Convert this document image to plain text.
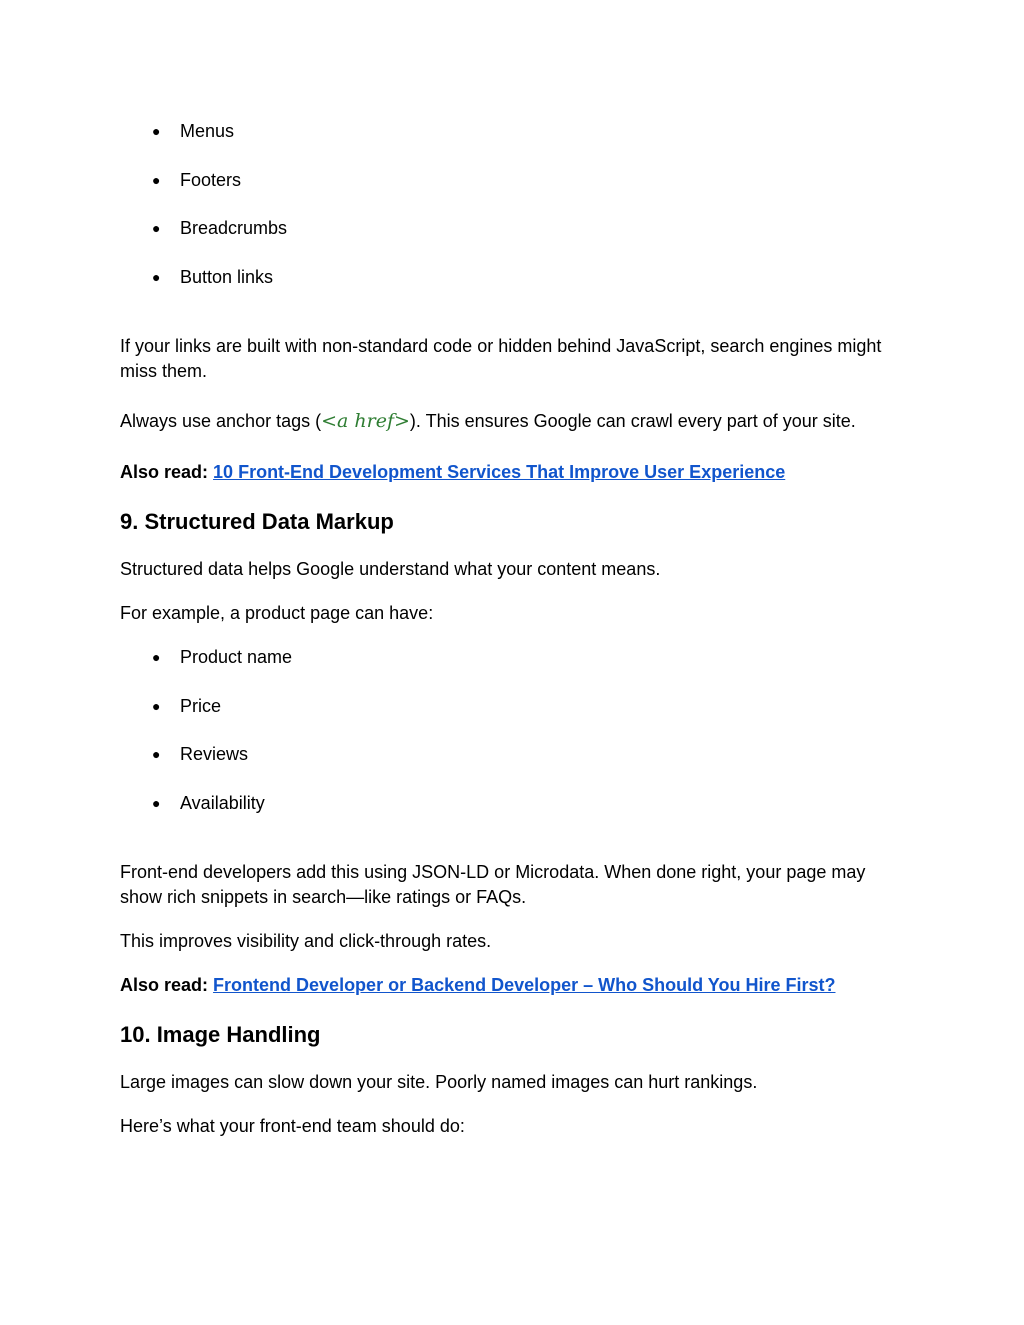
● Menus
● Footers
● Breadcrumbs
● Button links
If your links are built with non-standard code or hidden behind JavaScript, search engines might
miss them.
Always use anchor tags (<a href>). This ensures Google can crawl every part of your site.
Also read: 10 Front-End Development Services That Improve User Experience
9. Structured Data Markup
Structured data helps Google understand what your content means.
For example, a product page can have:
● Product name
● Price
● Reviews
● Availability
Front-end developers add this using JSON-LD or Microdata. When done right, your page may
show rich snippets in search—like ratings or FAQs.
This improves visibility and click-through rates.
Also read: Frontend Developer or Backend Developer – Who Should You Hire First?
10. Image Handling
Large images can slow down your site. Poorly named images can hurt rankings.
Here’s what your front-end team should do:
